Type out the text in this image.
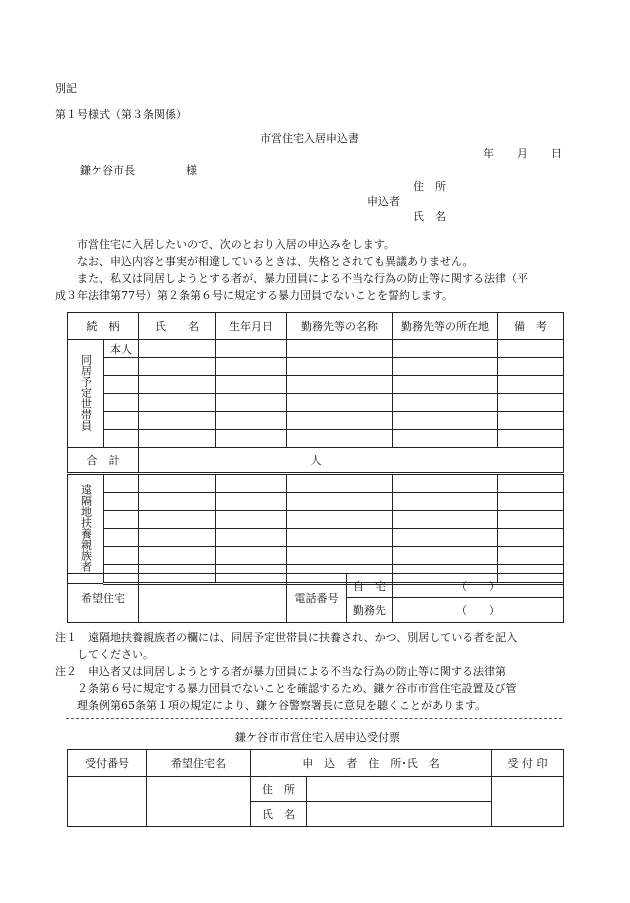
別記
第１号様式（第３条関係）
市営住宅入居申込書
年 月 日
鎌ケ谷市長	様
住　所
申込者
氏　名
市営住宅に入居したいので、次のとおり入居の申込みをします。
なお、申込内容と事実が相違しているときは、失格とされても異議ありません。
また、私又は同居しようとする者が、暴力団員による不当な行為の防止等に関する法律（平
成３年法律第77号）第２条第６号に規定する暴力団員でないことを誓約します。
続　柄		氏　　名	生年月日	勤務先等の名称	勤務先等の所在地	備　考
同居予定世帯員	本人					

合　計		人				
遠隔地扶養親族者						

希望住宅		電話番号	自　宅	（　　）
			勤務先	（　　）
注１　 遠隔地扶養親族者の欄には、同居予定世帯員に扶養され、かつ、別居している者を記入
してください。
注２　 申込者又は同居しようとする者が暴力団員による不当な行為の防止等に関する法律第
２条第６号に規定する暴力団員でないことを確認するため、鎌ケ谷市市営住宅設置及び管
理条例第65条第１項の規定により、鎌ケ谷警察署長に意見を聴くことがあります。
鎌ケ谷市市営住宅入居申込受付票
受付番号	希望住宅名	申　込　者　住　所･氏　名		受 付 印
		住　所		
		氏　名		
